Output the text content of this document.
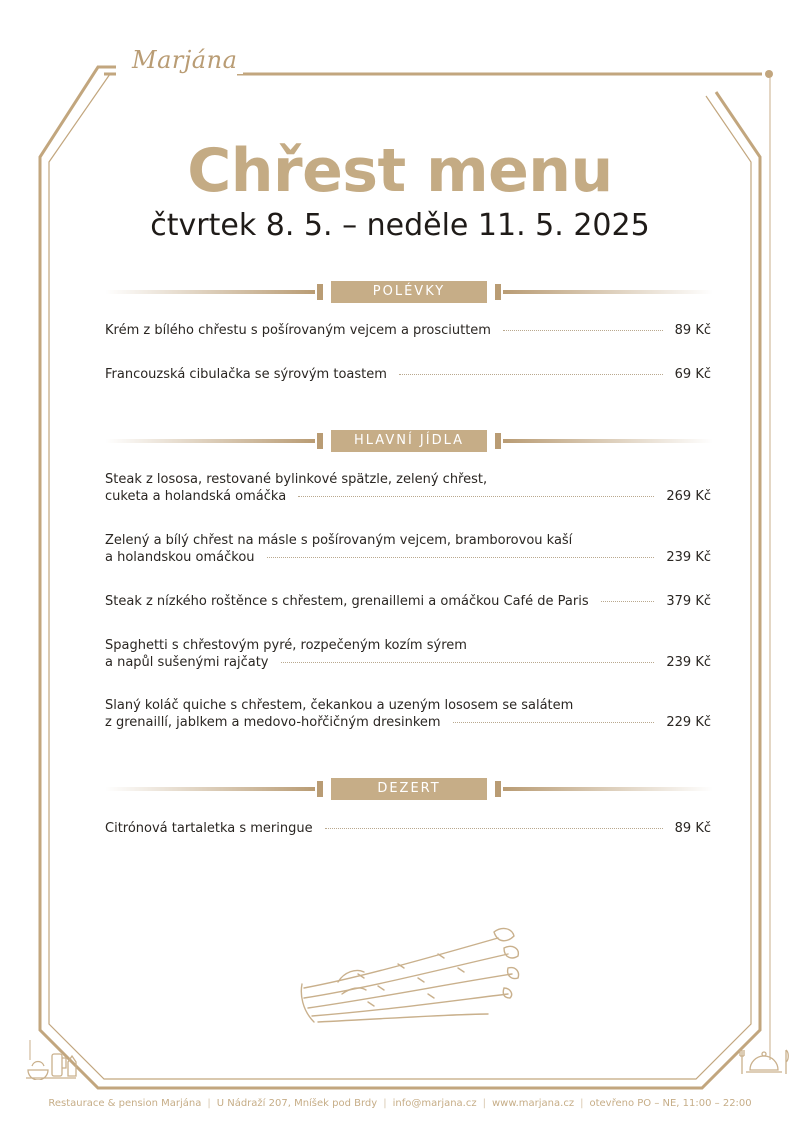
Marjána
Chřest menu
čtvrtek 8. 5. – neděle 11. 5. 2025
POLÉVKY
Krém z bílého chřestu s pošírovaným vejcem a prosciuttem	89 Kč
Francouzská cibulačka se sýrovým toastem	69 Kč
HLAVNÍ JÍDLA
Steak z lososa, restované bylinkové spätzle, zelený chřest,
cuketa a holandská omáčka	269 Kč
Zelený a bílý chřest na másle s pošírovaným vejcem, bramborovou kaší
a holandskou omáčkou	239 Kč
Steak z nízkého roštěnce s chřestem, grenaillemi a omáčkou Café de Paris	379 Kč
Spaghetti s chřestovým pyré, rozpečeným kozím sýrem
a napůl sušenými rajčaty	239 Kč
Slaný koláč quiche s chřestem, čekankou a uzeným lososem se salátem
z grenaillí, jablkem a medovo-hořčičným dresinkem	229 Kč
DEZERT
Citrónová tartaletka s meringue	89 Kč
Restaurace & pension Marjána | U Nádraží 207, Mníšek pod Brdy | info@marjana.cz | www.marjana.cz | otevřeno PO – NE, 11:00 – 22:00
